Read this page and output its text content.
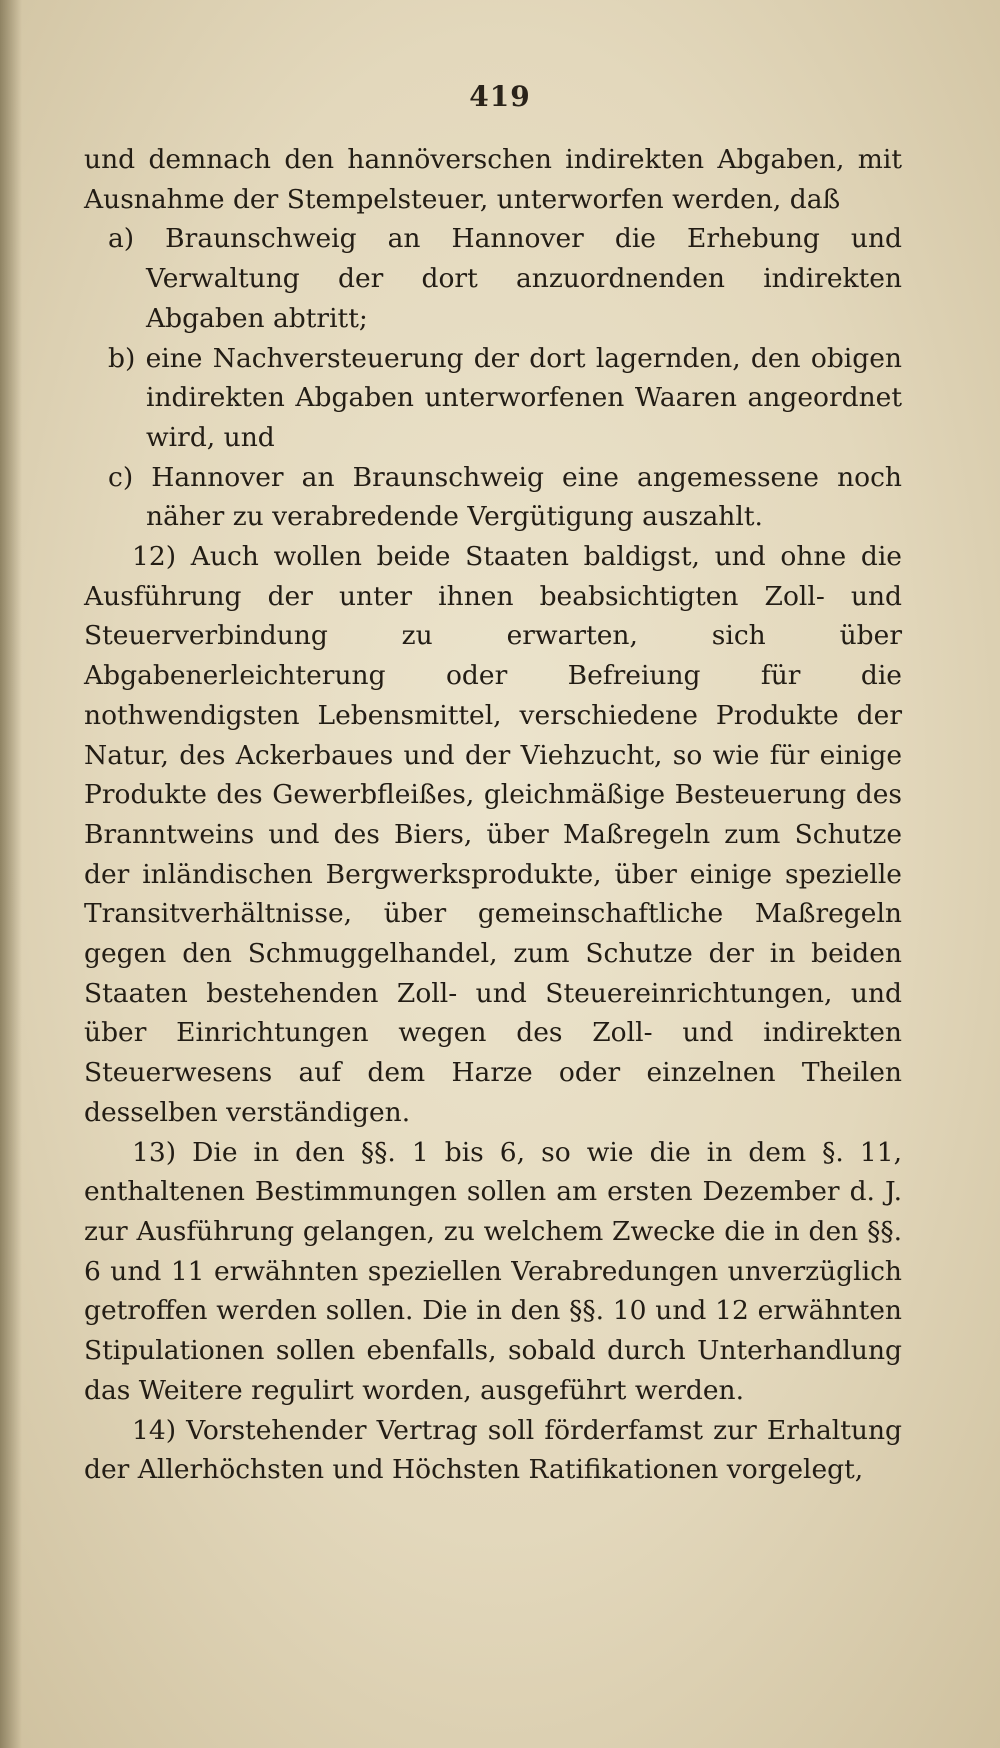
419

und demnach den hannöverschen indirekten Abgaben, mit Ausnahme der Stempelsteuer, unterworfen werden, daß

a) Braunschweig an Hannover die Erhebung und Verwaltung der dort anzuordnenden indirekten Abgaben abtritt;

b) eine Nachversteuerung der dort lagernden, den obigen indirekten Abgaben unterworfenen Waaren angeordnet wird, und

c) Hannover an Braunschweig eine angemessene noch näher zu verabredende Vergütigung auszahlt.

12) Auch wollen beide Staaten baldigst, und ohne die Ausführung der unter ihnen beabsichtigten Zoll- und Steuerverbindung zu erwarten, sich über Abgabenerleichterung oder Befreiung für die nothwendigsten Lebensmittel, verschiedene Produkte der Natur, des Ackerbaues und der Viehzucht, so wie für einige Produkte des Gewerbfleißes, gleichmäßige Besteuerung des Branntweins und des Biers, über Maßregeln zum Schutze der inländischen Bergwerksprodukte, über einige spezielle Transitverhältnisse, über gemeinschaftliche Maßregeln gegen den Schmuggelhandel, zum Schutze der in beiden Staaten bestehenden Zoll- und Steuereinrichtungen, und über Einrichtungen wegen des Zoll- und indirekten Steuerwesens auf dem Harze oder einzelnen Theilen desselben verständigen.

13) Die in den §§. 1 bis 6, so wie die in dem §. 11, enthaltenen Bestimmungen sollen am ersten Dezember d. J. zur Ausführung gelangen, zu welchem Zwecke die in den §§. 6 und 11 erwähnten speziellen Verabredungen unverzüglich getroffen werden sollen. Die in den §§. 10 und 12 erwähnten Stipulationen sollen ebenfalls, sobald durch Unterhandlung das Weitere regulirt worden, ausgeführt werden.

14) Vorstehender Vertrag soll förderfamst zur Erhaltung der Allerhöchsten und Höchsten Ratifikationen vorgelegt,
